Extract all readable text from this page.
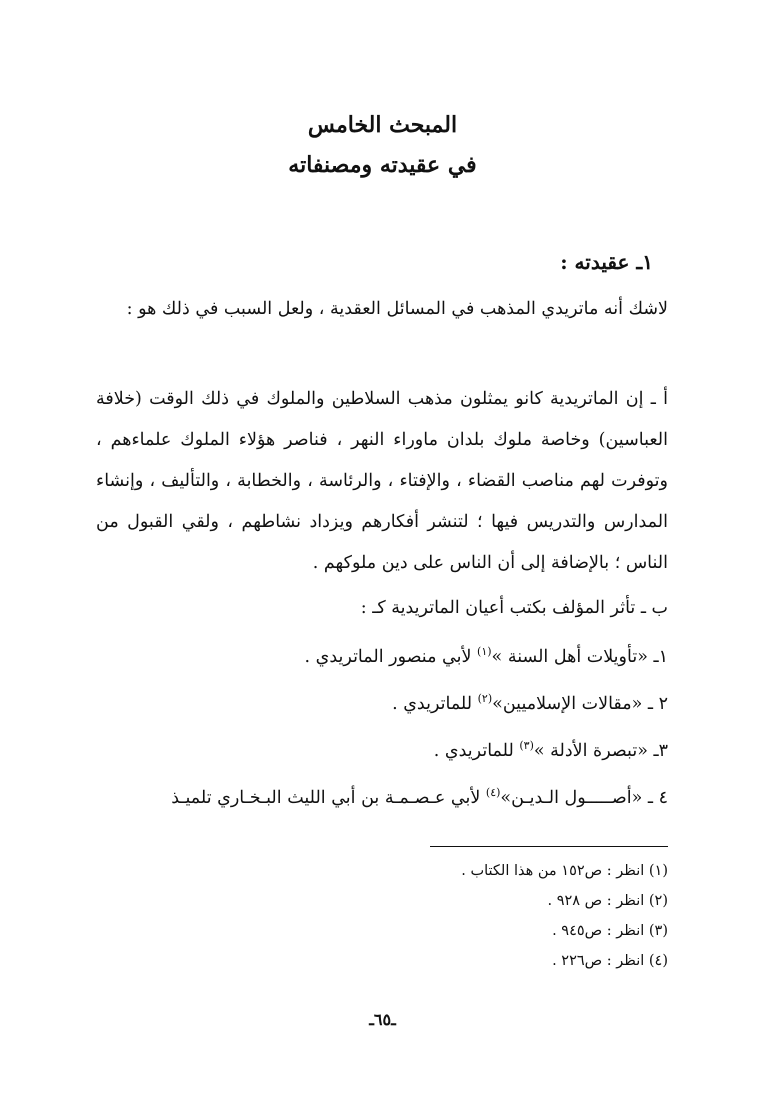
المبحث الخامس
في عقيدته ومصنفاته
١ـ عقيدته :

لاشك أنه ماتريدي المذهب في المسائل العقدية ، ولعل السبب في ذلك هو :

أ ـ إن الماتريدية كانو يمثلون مذهب السلاطين والملوك في ذلك الوقت (خلافة العباسين) وخاصة ملوك بلدان ماوراء النهر ، فناصر هؤلاء الملوك علماءهم ، وتوفرت لهم مناصب القضاء ، والإفتاء ، والرئاسة ، والخطابة ، والتأليف ، وإنشاء المدارس والتدريس فيها ؛ لتنشر أفكارهم ويزداد نشاطهم ، ولقي القبول من الناس ؛ بالإضافة إلى أن الناس على دين ملوكهم .

ب ـ تأثر المؤلف بكتب أعيان الماتريدية كـ :
١ـ «تأويلات أهل السنة »$^{(١)}$ لأبي منصور الماتريدي .
٢ ـ «مقالات الإسلاميين»$^{(٢)}$ للماتريدي .
٣ـ «تبصرة الأدلة »$^{(٣)}$ للماتريدي .
٤ ـ «أصـــــول الـديـن»$^{(٤)}$ لأبي عـصـمـة بن أبي الليث البـخـاري تلميـذ
(١) انظر : ص١٥٢ من هذا الكتاب .
(٢) انظر : ص ٩٢٨ .
(٣) انظر : ص٩٤٥ .
(٤) انظر : ص٢٢٦ .
ـ٦٥ـ
